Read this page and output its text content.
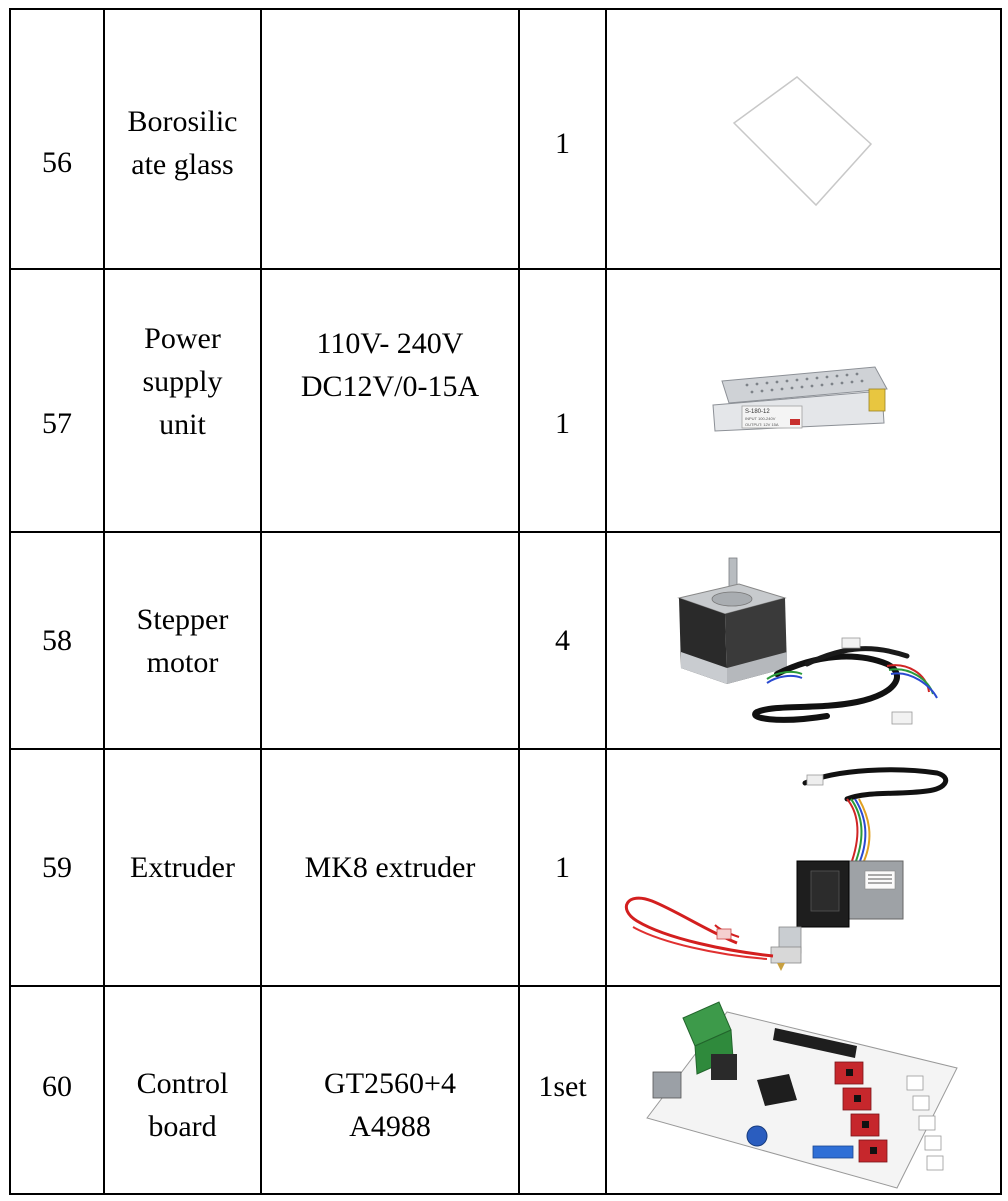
56	Borosilic
ate glass		1

57	Power
supply
unit	110V- 240V
DC12V/0-15A	1	S-180-12
INPUT 100-240V
OUTPUT: 12V 15A

58	Stepper
motor		4

59	Extruder	MK8 extruder	1

60	Control
board	GT2560+4
A4988	1set
